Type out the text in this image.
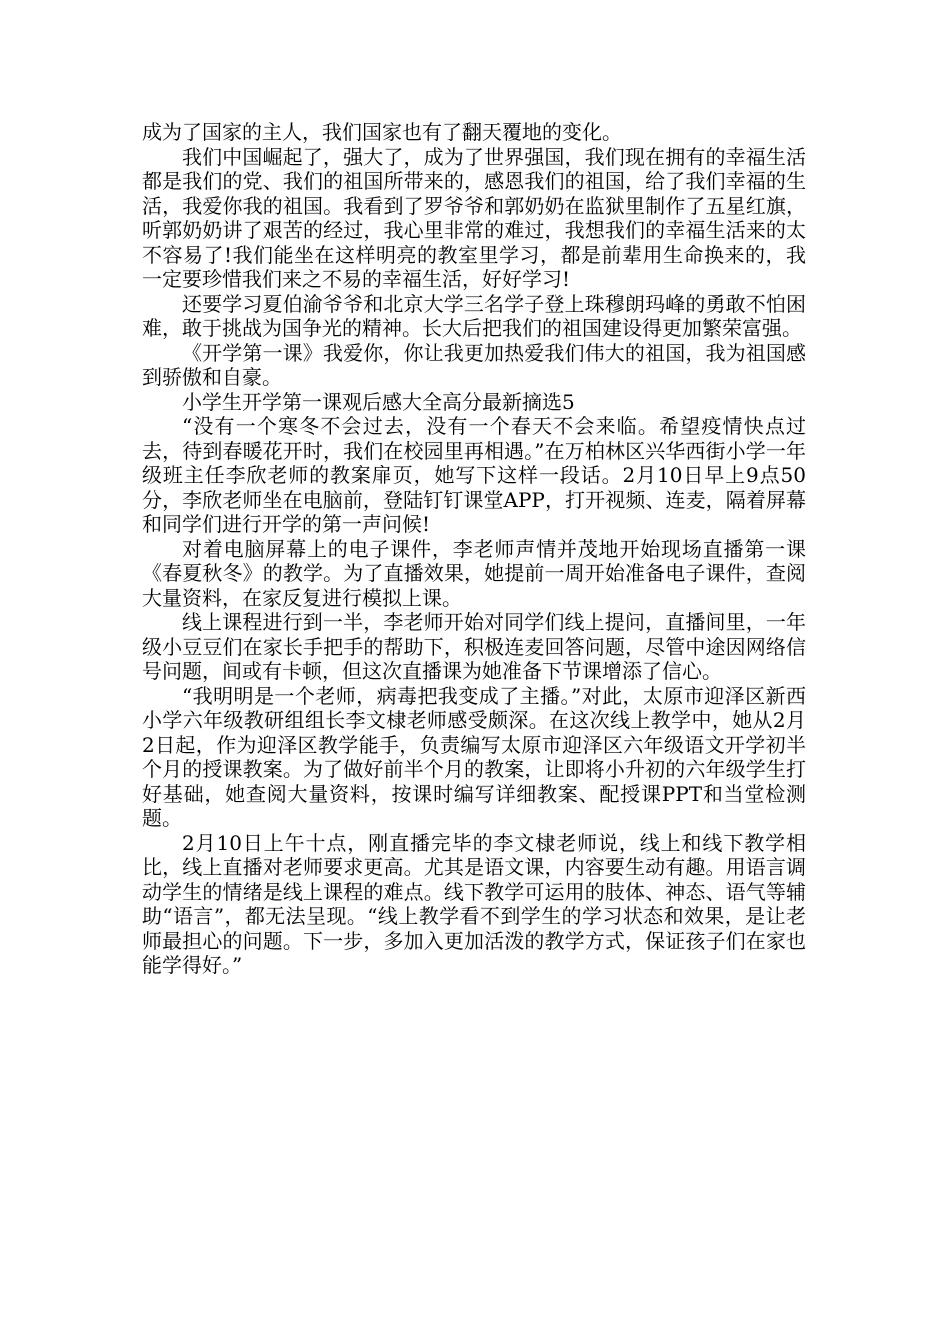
成为了国家的主人，我们国家也有了翻天覆地的变化。

我们中国崛起了，强大了，成为了世界强国，我们现在拥有的幸福生活都是我们的党、我们的祖国所带来的，感恩我们的祖国，给了我们幸福的生活，我爱你我的祖国。我看到了罗爷爷和郭奶奶在监狱里制作了五星红旗，听郭奶奶讲了艰苦的经过，我心里非常的难过，我想我们的幸福生活来的太不容易了!我们能坐在这样明亮的教室里学习，都是前辈用生命换来的，我一定要珍惜我们来之不易的幸福生活，好好学习!

还要学习夏伯渝爷爷和北京大学三名学子登上珠穆朗玛峰的勇敢不怕困难，敢于挑战为国争光的精神。长大后把我们的祖国建设得更加繁荣富强。

《开学第一课》我爱你，你让我更加热爱我们伟大的祖国，我为祖国感到骄傲和自豪。

小学生开学第一课观后感大全高分最新摘选5

“没有一个寒冬不会过去，没有一个春天不会来临。希望疫情快点过去，待到春暖花开时，我们在校园里再相遇。”在万柏林区兴华西街小学一年级班主任李欣老师的教案扉页，她写下这样一段话。2月10日早上9点50分，李欣老师坐在电脑前，登陆钉钉课堂APP，打开视频、连麦，隔着屏幕和同学们进行开学的第一声问候!

对着电脑屏幕上的电子课件，李老师声情并茂地开始现场直播第一课《春夏秋冬》的教学。为了直播效果，她提前一周开始准备电子课件，查阅大量资料，在家反复进行模拟上课。

线上课程进行到一半，李老师开始对同学们线上提问，直播间里，一年级小豆豆们在家长手把手的帮助下，积极连麦回答问题，尽管中途因网络信号问题，间或有卡顿，但这次直播课为她准备下节课增添了信心。

“我明明是一个老师，病毒把我变成了主播。”对此，太原市迎泽区新西小学六年级教研组组长李文棣老师感受颇深。在这次线上教学中，她从2月2日起，作为迎泽区教学能手，负责编写太原市迎泽区六年级语文开学初半个月的授课教案。为了做好前半个月的教案，让即将小升初的六年级学生打好基础，她查阅大量资料，按课时编写详细教案、配授课PPT和当堂检测题。

2月10日上午十点，刚直播完毕的李文棣老师说，线上和线下教学相比，线上直播对老师要求更高。尤其是语文课，内容要生动有趣。用语言调动学生的情绪是线上课程的难点。线下教学可运用的肢体、神态、语气等辅助“语言”，都无法呈现。“线上教学看不到学生的学习状态和效果，是让老师最担心的问题。下一步，多加入更加活泼的教学方式，保证孩子们在家也能学得好。”
